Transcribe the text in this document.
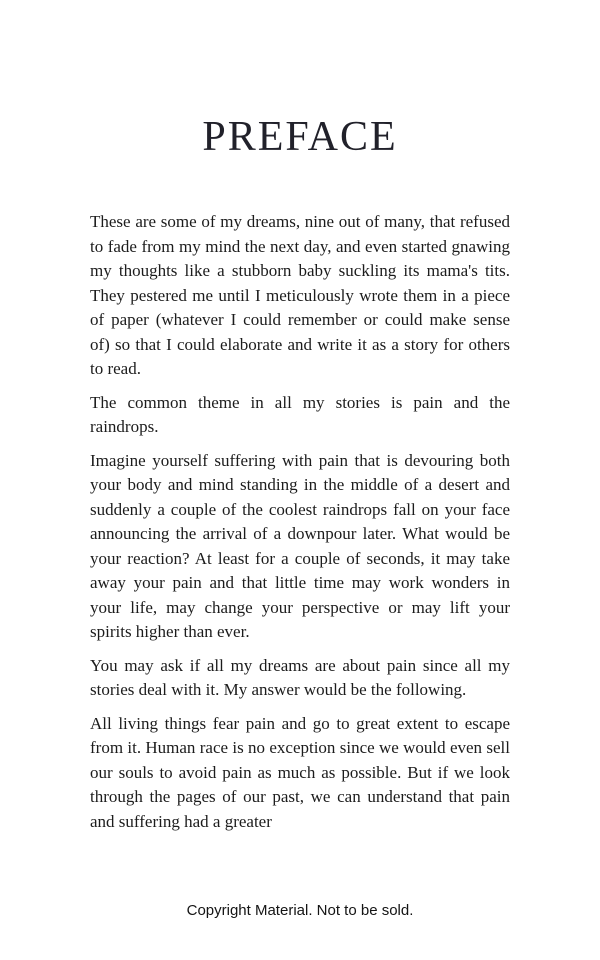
PREFACE

These are some of my dreams, nine out of many, that refused to fade from my mind the next day, and even started gnawing my thoughts like a stubborn baby suckling its mama's tits. They pestered me until I meticulously wrote them in a piece of paper (whatever I could remember or could make sense of) so that I could elaborate and write it as a story for others to read.

The common theme in all my stories is pain and the raindrops.

Imagine yourself suffering with pain that is devouring both your body and mind standing in the middle of a desert and suddenly a couple of the coolest raindrops fall on your face announcing the arrival of a downpour later. What would be your reaction? At least for a couple of seconds, it may take away your pain and that little time may work wonders in your life, may change your perspective or may lift your spirits higher than ever.

You may ask if all my dreams are about pain since all my stories deal with it. My answer would be the following.

All living things fear pain and go to great extent to escape from it. Human race is no exception since we would even sell our souls to avoid pain as much as possible. But if we look through the pages of our past, we can understand that pain and suffering had a greater

Copyright Material. Not to be sold.
